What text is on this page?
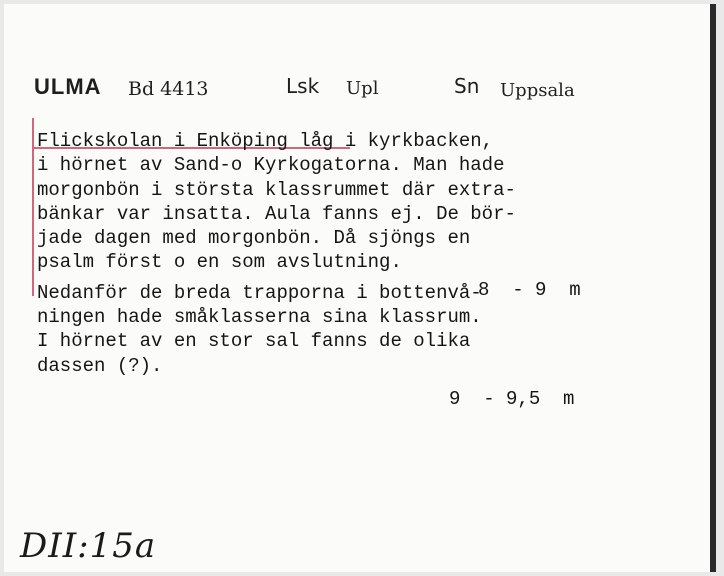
ULMA Bd 4413	Lsk Upl	Sn Uppsala
Flickskolan i Enköping låg i kyrkbacken,
i hörnet av Sand-o Kyrkogatorna. Man hade
morgonbön i största klassrummet där extra-
bänkar var insatta. Aula fanns ej. De bör-
jade dagen med morgonbön. Då sjöngs en
psalm först o en som avslutning.
Nedanför de breda trapporna i bottenvå-
ningen hade småklasserna sina klassrum.
I hörnet av en stor sal fanns de olika
dassen (?).
8  - 9  m
9  - 9,5  m
DII:15a
